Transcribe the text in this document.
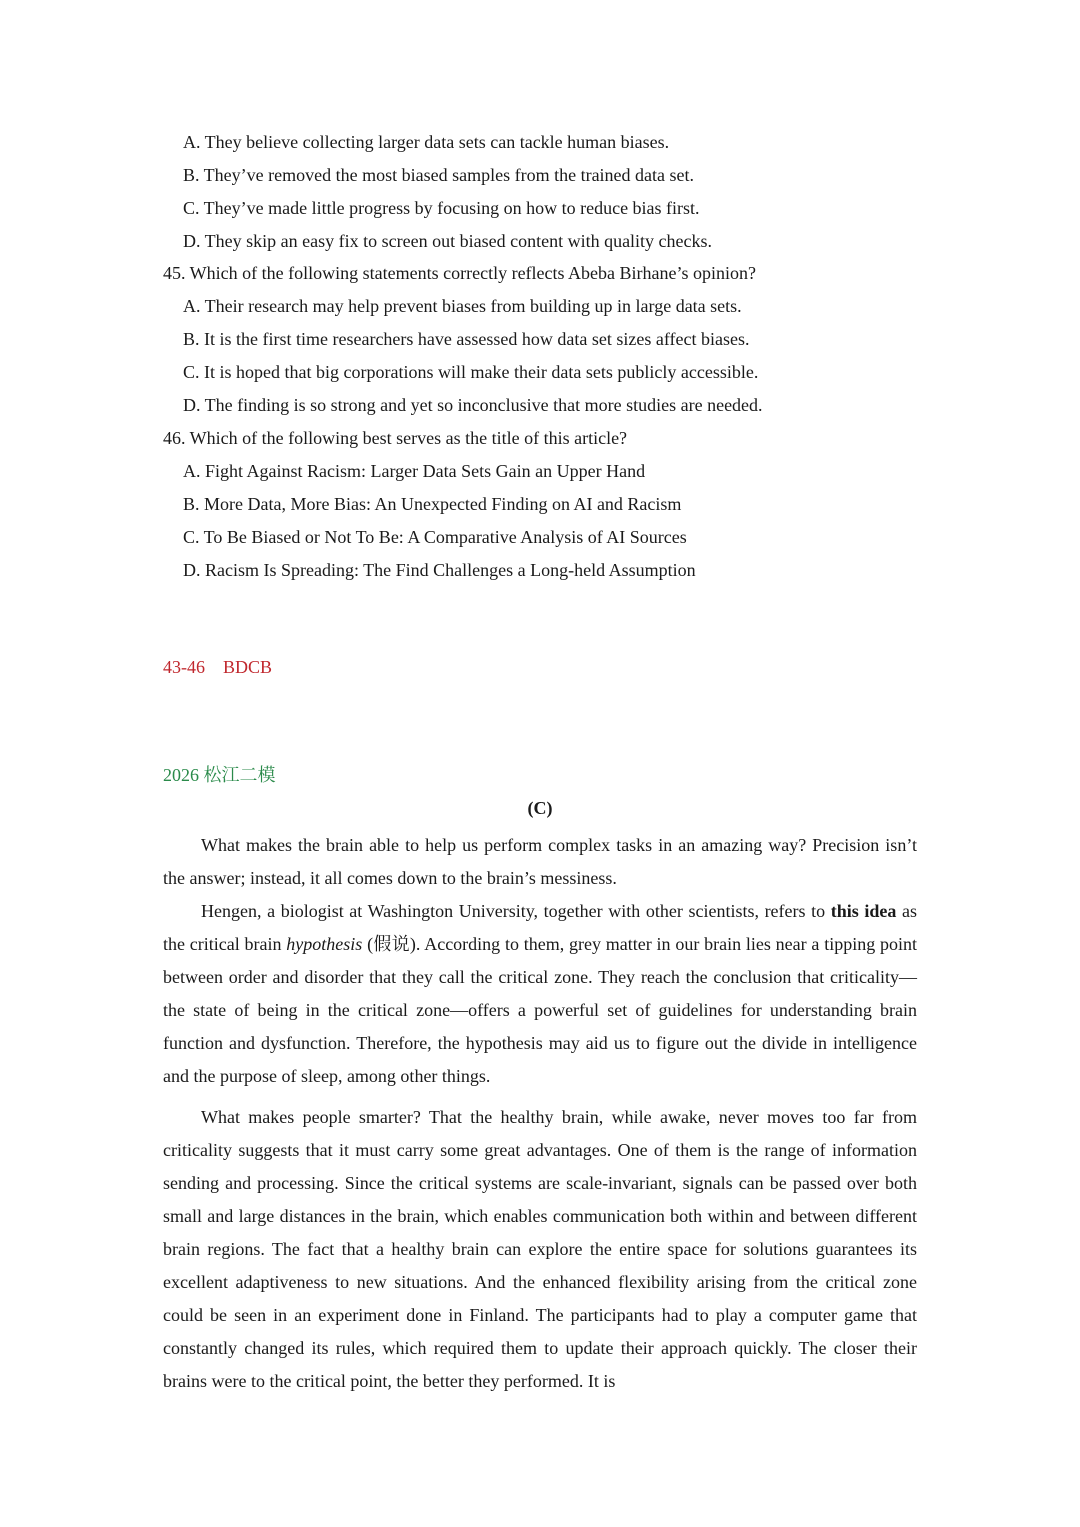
A. They believe collecting larger data sets can tackle human biases.
B. They’ve removed the most biased samples from the trained data set.
C. They’ve made little progress by focusing on how to reduce bias first.
D. They skip an easy fix to screen out biased content with quality checks.
45. Which of the following statements correctly reflects Abeba Birhane’s opinion?
A. Their research may help prevent biases from building up in large data sets.
B. It is the first time researchers have assessed how data set sizes affect biases.
C. It is hoped that big corporations will make their data sets publicly accessible.
D. The finding is so strong and yet so inconclusive that more studies are needed.
46. Which of the following best serves as the title of this article?
A. Fight Against Racism: Larger Data Sets Gain an Upper Hand
B. More Data, More Bias: An Unexpected Finding on AI and Racism
C. To Be Biased or Not To Be: A Comparative Analysis of AI Sources
D. Racism Is Spreading: The Find Challenges a Long-held Assumption
43-46 BDCB
2026 松江二模
(C)
What makes the brain able to help us perform complex tasks in an amazing way? Precision isn’t the answer; instead, it all comes down to the brain’s messiness.
Hengen, a biologist at Washington University, together with other scientists, refers to this idea as the critical brain hypothesis (假说). According to them, grey matter in our brain lies near a tipping point between order and disorder that they call the critical zone. They reach the conclusion that criticality—the state of being in the critical zone—offers a powerful set of guidelines for understanding brain function and dysfunction. Therefore, the hypothesis may aid us to figure out the divide in intelligence and the purpose of sleep, among other things.
What makes people smarter? That the healthy brain, while awake, never moves too far from criticality suggests that it must carry some great advantages. One of them is the range of information sending and processing. Since the critical systems are scale-invariant, signals can be passed over both small and large distances in the brain, which enables communication both within and between different brain regions. The fact that a healthy brain can explore the entire space for solutions guarantees its excellent adaptiveness to new situations. And the enhanced flexibility arising from the critical zone could be seen in an experiment done in Finland. The participants had to play a computer game that constantly changed its rules, which required them to update their approach quickly. The closer their brains were to the critical point, the better they performed. It is
